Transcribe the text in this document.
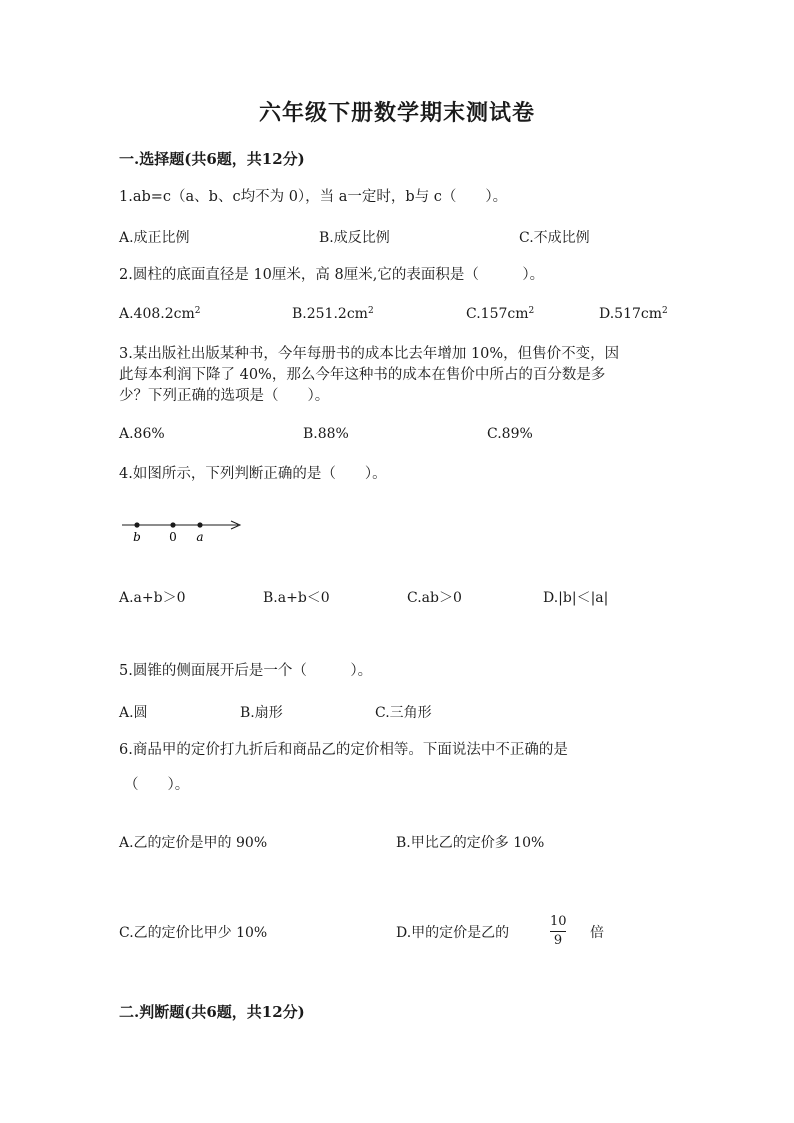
六年级下册数学期末测试卷
一.选择题(共6题，共12分)
1.ab=c（a、b、c均不为 0），当 a一定时，b与 c（　　）。
A.成正比例	B.成反比例	C.不成比例
2.圆柱的底面直径是 10厘米，高 8厘米,它的表面积是（　　　）。
$A.408.2cm^2$	$B.251.2cm^2$	$C.157cm^2$	$D.517cm^2$
3.某出版社出版某种书，今年每册书的成本比去年增加 10%，但售价不变，因
此每本利润下降了 40%，那么今年这种书的成本在售价中所占的百分数是多
少？下列正确的选项是（　　）。
A.86%	B.88%	C.89%
4.如图所示，下列判断正确的是（　　）。
b 0 a
A.a+b＞0	B.a+b＜0	C.ab＞0	D.|b|＜|a|
5.圆锥的侧面展开后是一个（　　　）。
A.圆	B.扇形	C.三角形
6.商品甲的定价打九折后和商品乙的定价相等。下面说法中不正确的是
（　　）。
A.乙的定价是甲的 90%	B.甲比乙的定价多 10%
C.乙的定价比甲少 10%	D.甲的定价是乙的
10
9 倍
二.判断题(共6题，共12分)
